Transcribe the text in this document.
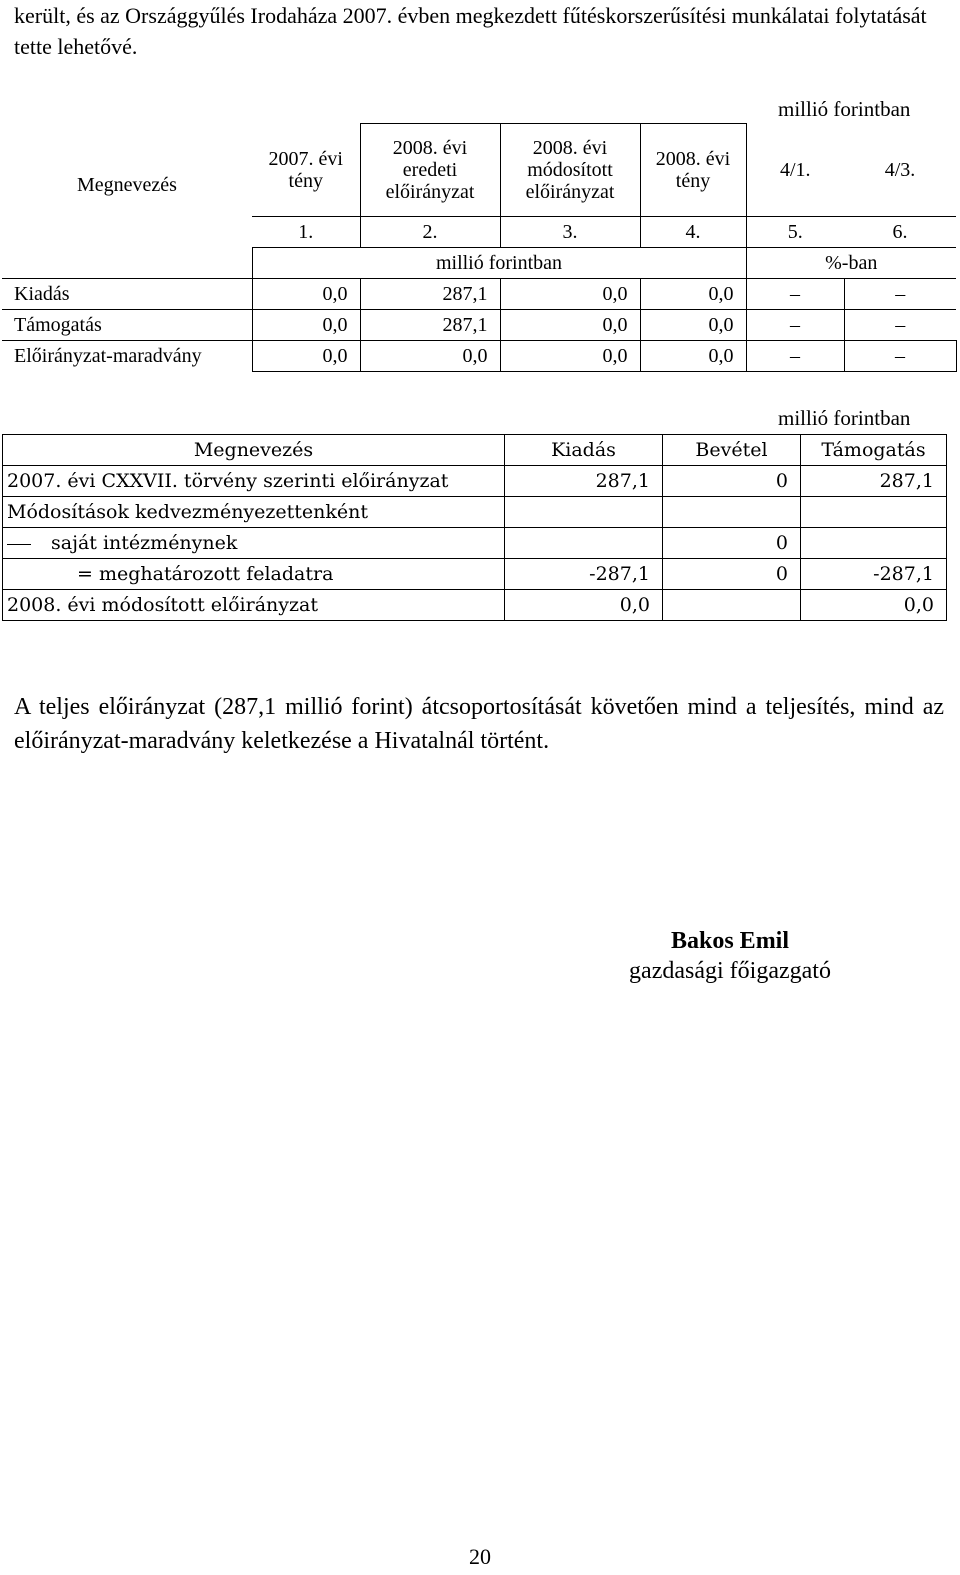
került, és az Országgyűlés Irodaháza 2007. évben megkezdett fűtéskorszerűsítési munkálatai folytatását tette lehetővé.
millió forintban
Megnevezés	2007. évi tény	2008. évi eredeti előirányzat	2008. évi módosított előirányzat	2008. évi tény	4/1.	4/3.
	1.	2.	3.	4.	5.	6.
	millió forintban				%-ban	
Kiadás	0,0	287,1	0,0	0,0	–	–
Támogatás	0,0	287,1	0,0	0,0	–	–
Előirányzat-maradvány	0,0	0,0	0,0	0,0	–	–
millió forintban
Megnevezés	Kiadás	Bevétel	Támogatás
2007. évi CXXVII. törvény szerinti előirányzat	287,1	0	287,1
Módosítások kedvezményezettenként			
saját intézménynek		0	
= meghatározott feladatra	-287,1	0	-287,1
2008. évi módosított előirányzat	0,0		0,0
A teljes előirányzat (287,1 millió forint) átcsoportosítását követően mind a teljesítés, mind az előirányzat-maradvány keletkezése a Hivatalnál történt.
Bakos Emil
gazdasági főigazgató
20
